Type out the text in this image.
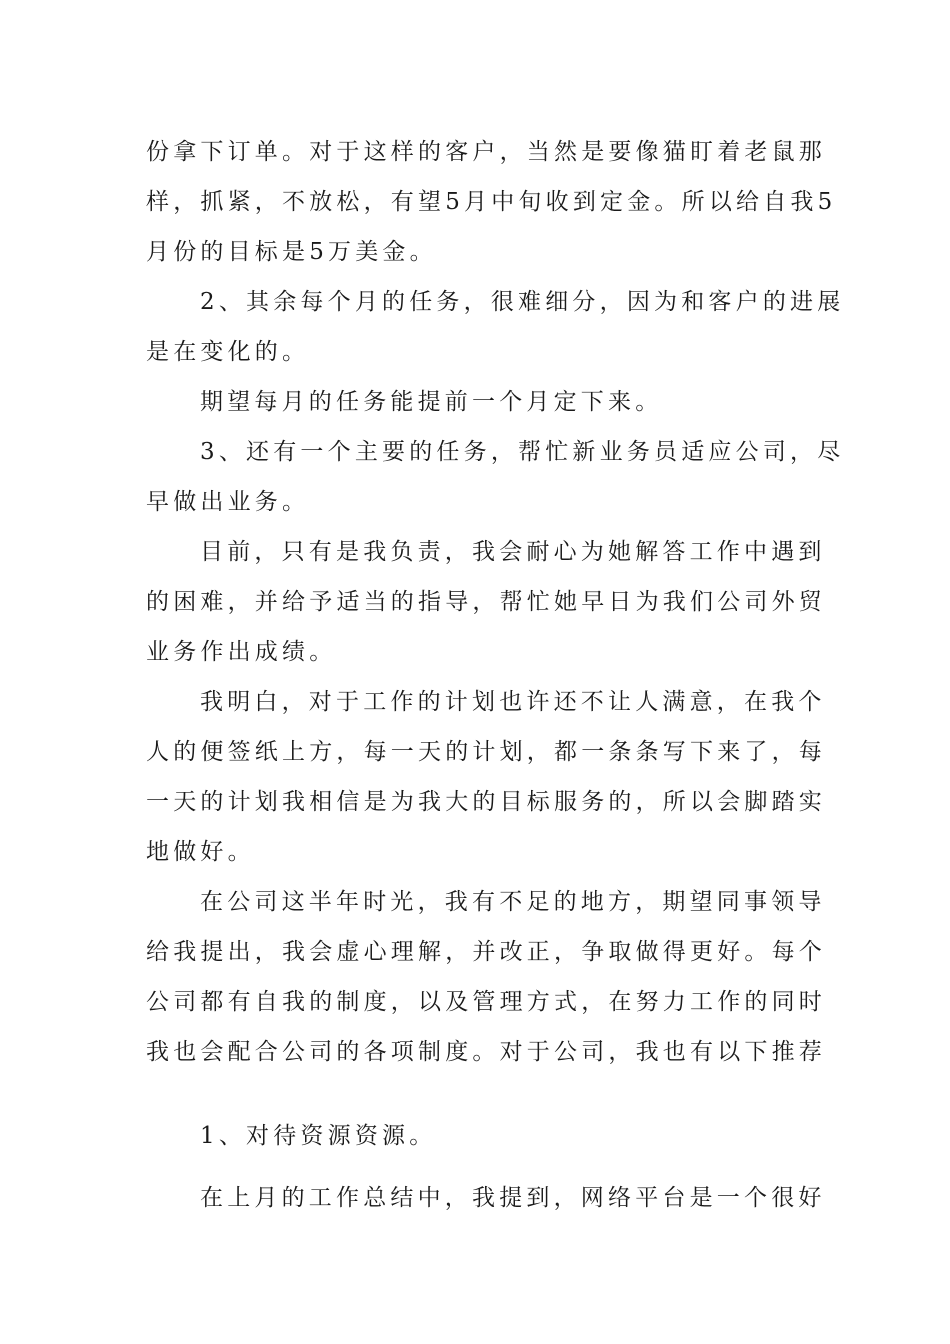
份拿下订单。对于这样的客户，当然是要像猫盯着老鼠那
样，抓紧，不放松，有望5月中旬收到定金。所以给自我5
月份的目标是5万美金。
2、其余每个月的任务，很难细分，因为和客户的进展
是在变化的。
期望每月的任务能提前一个月定下来。
3、还有一个主要的任务，帮忙新业务员适应公司，尽
早做出业务。
目前，只有是我负责，我会耐心为她解答工作中遇到
的困难，并给予适当的指导，帮忙她早日为我们公司外贸
业务作出成绩。
我明白，对于工作的计划也许还不让人满意，在我个
人的便签纸上方，每一天的计划，都一条条写下来了，每
一天的计划我相信是为我大的目标服务的，所以会脚踏实
地做好。
在公司这半年时光，我有不足的地方，期望同事领导
给我提出，我会虚心理解，并改正，争取做得更好。每个
公司都有自我的制度，以及管理方式，在努力工作的同时
我也会配合公司的各项制度。对于公司，我也有以下推荐
1、对待资源资源。
在上月的工作总结中，我提到，网络平台是一个很好
